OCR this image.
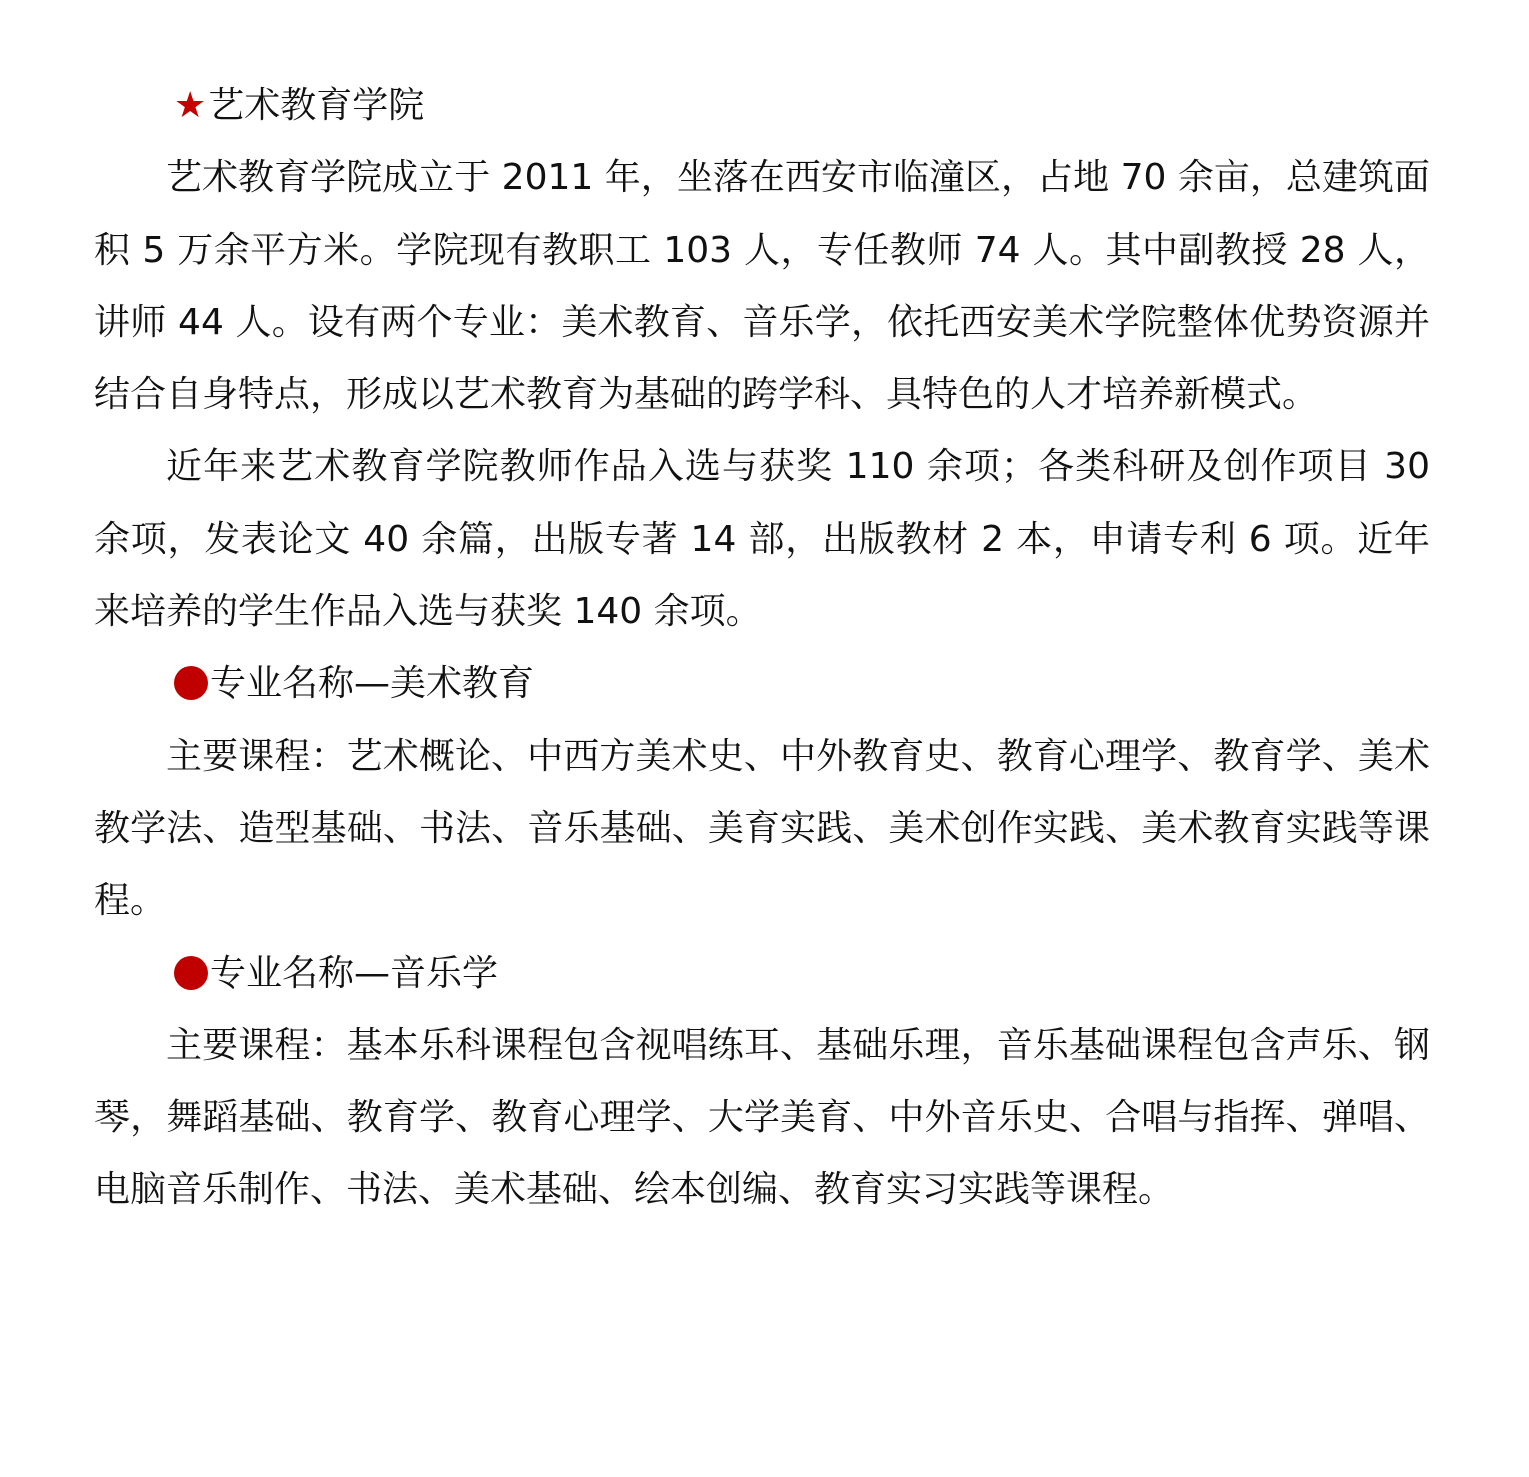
★艺术教育学院

艺术教育学院成立于 2011 年，坐落在西安市临潼区，占地 70 余亩，总建筑面积 5 万余平方米。学院现有教职工 103 人，专任教师 74 人。其中副教授 28 人，讲师 44 人。设有两个专业：美术教育、音乐学，依托西安美术学院整体优势资源并结合自身特点，形成以艺术教育为基础的跨学科、具特色的人才培养新模式。

近年来艺术教育学院教师作品入选与获奖 110 余项；各类科研及创作项目 30 余项，发表论文 40 余篇，出版专著 14 部，出版教材 2 本，申请专利 6 项。近年来培养的学生作品入选与获奖 140 余项。

专业名称—美术教育

主要课程：艺术概论、中西方美术史、中外教育史、教育心理学、教育学、美术教学法、造型基础、书法、音乐基础、美育实践、美术创作实践、美术教育实践等课程。

专业名称—音乐学

主要课程：基本乐科课程包含视唱练耳、基础乐理，音乐基础课程包含声乐、钢琴，舞蹈基础、教育学、教育心理学、大学美育、中外音乐史、合唱与指挥、弹唱、电脑音乐制作、书法、美术基础、绘本创编、教育实习实践等课程。
